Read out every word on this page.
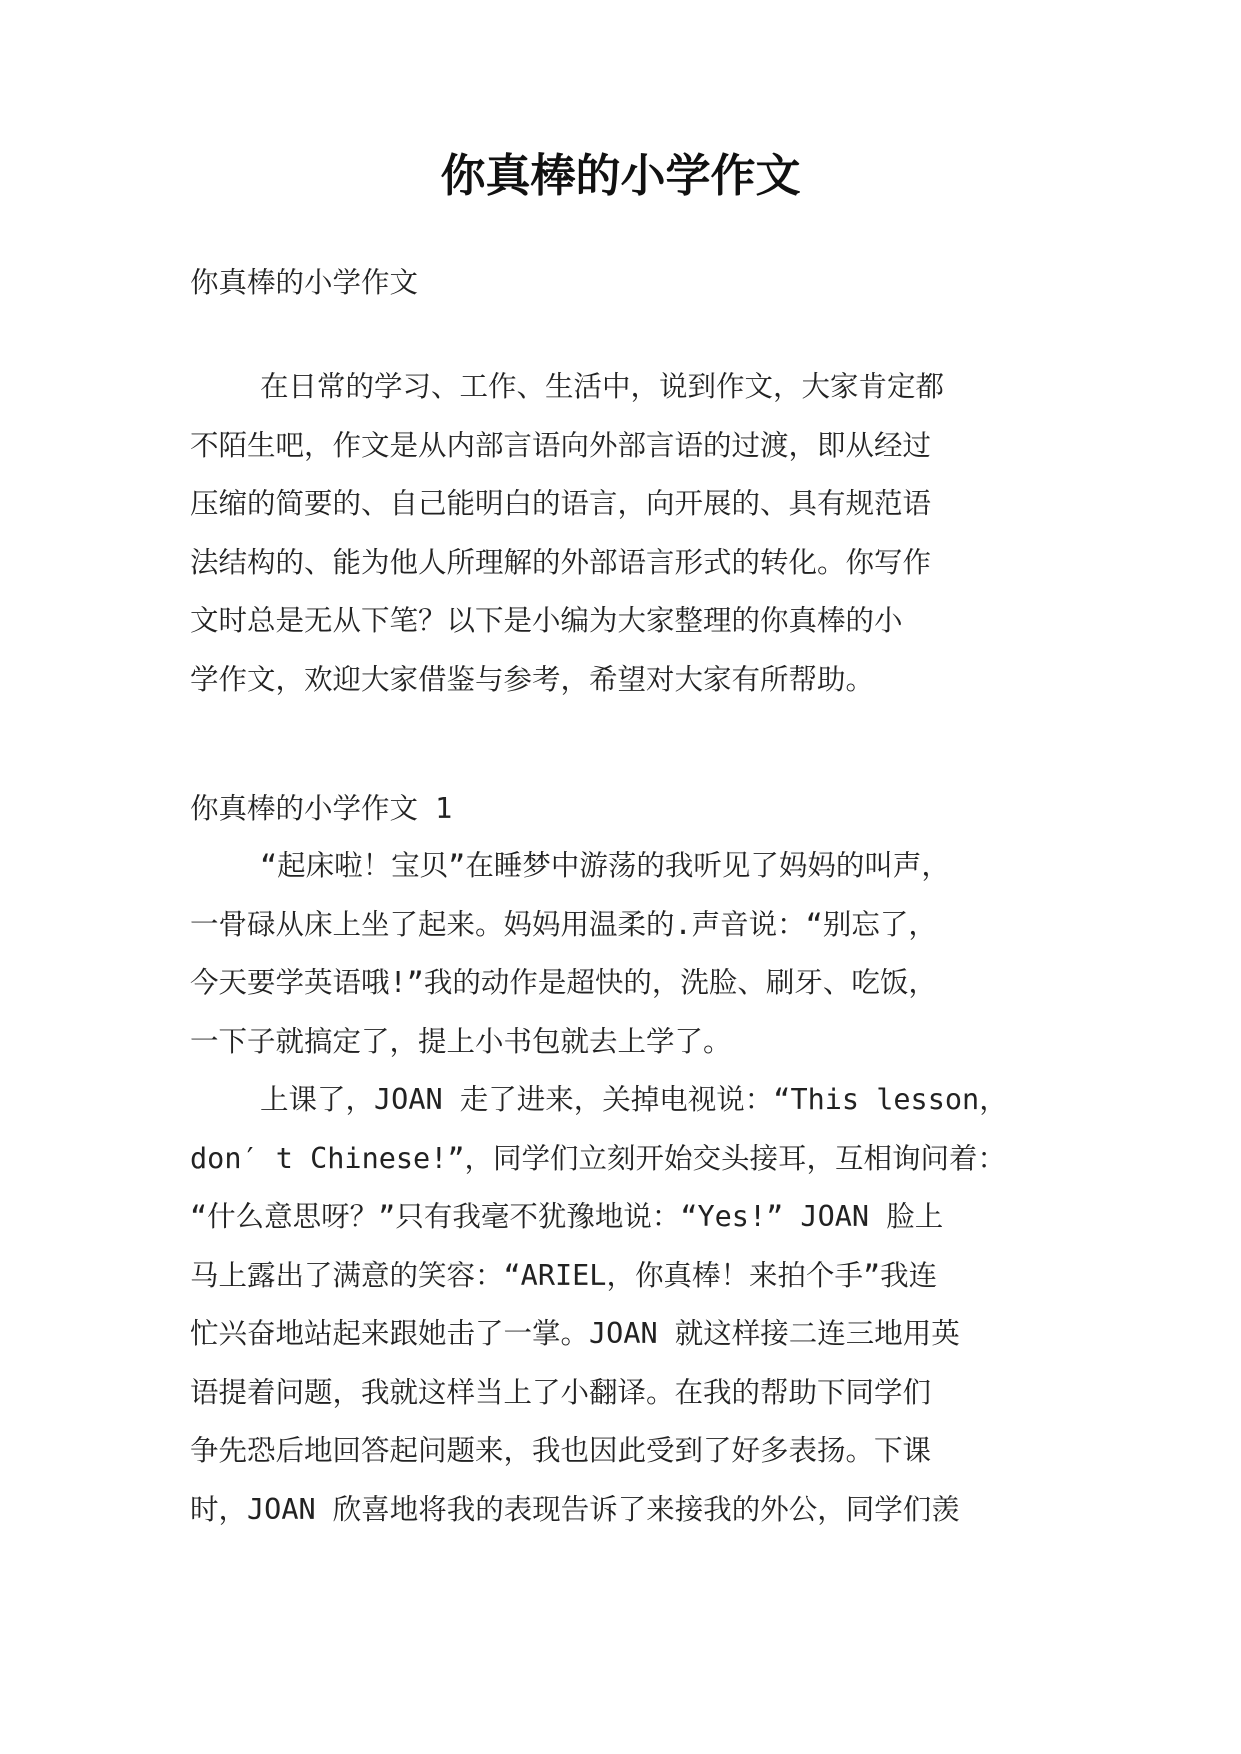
你真棒的小学作文

你真棒的小学作文

在日常的学习、工作、生活中，说到作文，大家肯定都
不陌生吧，作文是从内部言语向外部言语的过渡，即从经过
压缩的简要的、自己能明白的语言，向开展的、具有规范语
法结构的、能为他人所理解的外部语言形式的转化。你写作
文时总是无从下笔？以下是小编为大家整理的你真棒的小
学作文，欢迎大家借鉴与参考，希望对大家有所帮助。

你真棒的小学作文 1

“起床啦！宝贝”在睡梦中游荡的我听见了妈妈的叫声，
一骨碌从床上坐了起来。妈妈用温柔的.声音说：“别忘了，
今天要学英语哦!”我的动作是超快的，洗脸、刷牙、吃饭，
一下子就搞定了，提上小书包就去上学了。
上课了，JOAN 走了进来，关掉电视说：“This lesson，
don′ t Chinese!”，同学们立刻开始交头接耳，互相询问着：
“什么意思呀？”只有我毫不犹豫地说：“Yes!” JOAN 脸上
马上露出了满意的笑容：“ARIEL，你真棒！来拍个手”我连
忙兴奋地站起来跟她击了一掌。JOAN 就这样接二连三地用英
语提着问题，我就这样当上了小翻译。在我的帮助下同学们
争先恐后地回答起问题来，我也因此受到了好多表扬。下课
时，JOAN 欣喜地将我的表现告诉了来接我的外公，同学们羡
